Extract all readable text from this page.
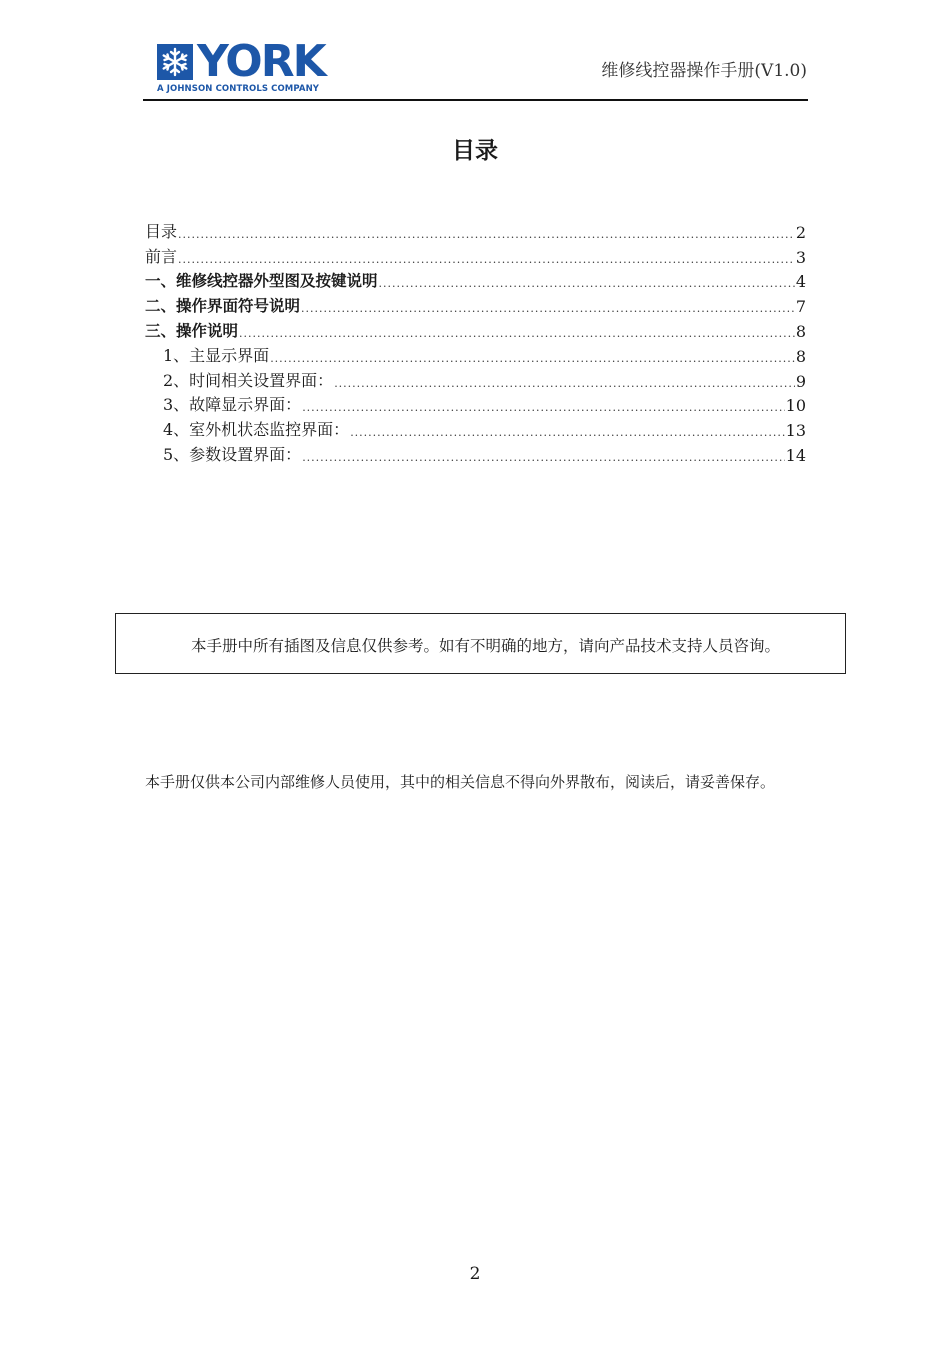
YORK
A JOHNSON CONTROLS COMPANY
维修线控器操作手册(V1.0)
目录
目录 .....	2
前言 .....	3
一、维修线控器外型图及按键说明 .....	4
二、操作界面符号说明 .....	7
三、操作说明 .....	8
1、主显示界面 .....	8
2、时间相关设置界面： .....	9
3、故障显示界面： .....	10
4、室外机状态监控界面： .....	13
5、参数设置界面： .....	14
本手册中所有插图及信息仅供参考。如有不明确的地方，请向产品技术支持人员咨询。
本手册仅供本公司内部维修人员使用，其中的相关信息不得向外界散布，阅读后，请妥善保存。
2
